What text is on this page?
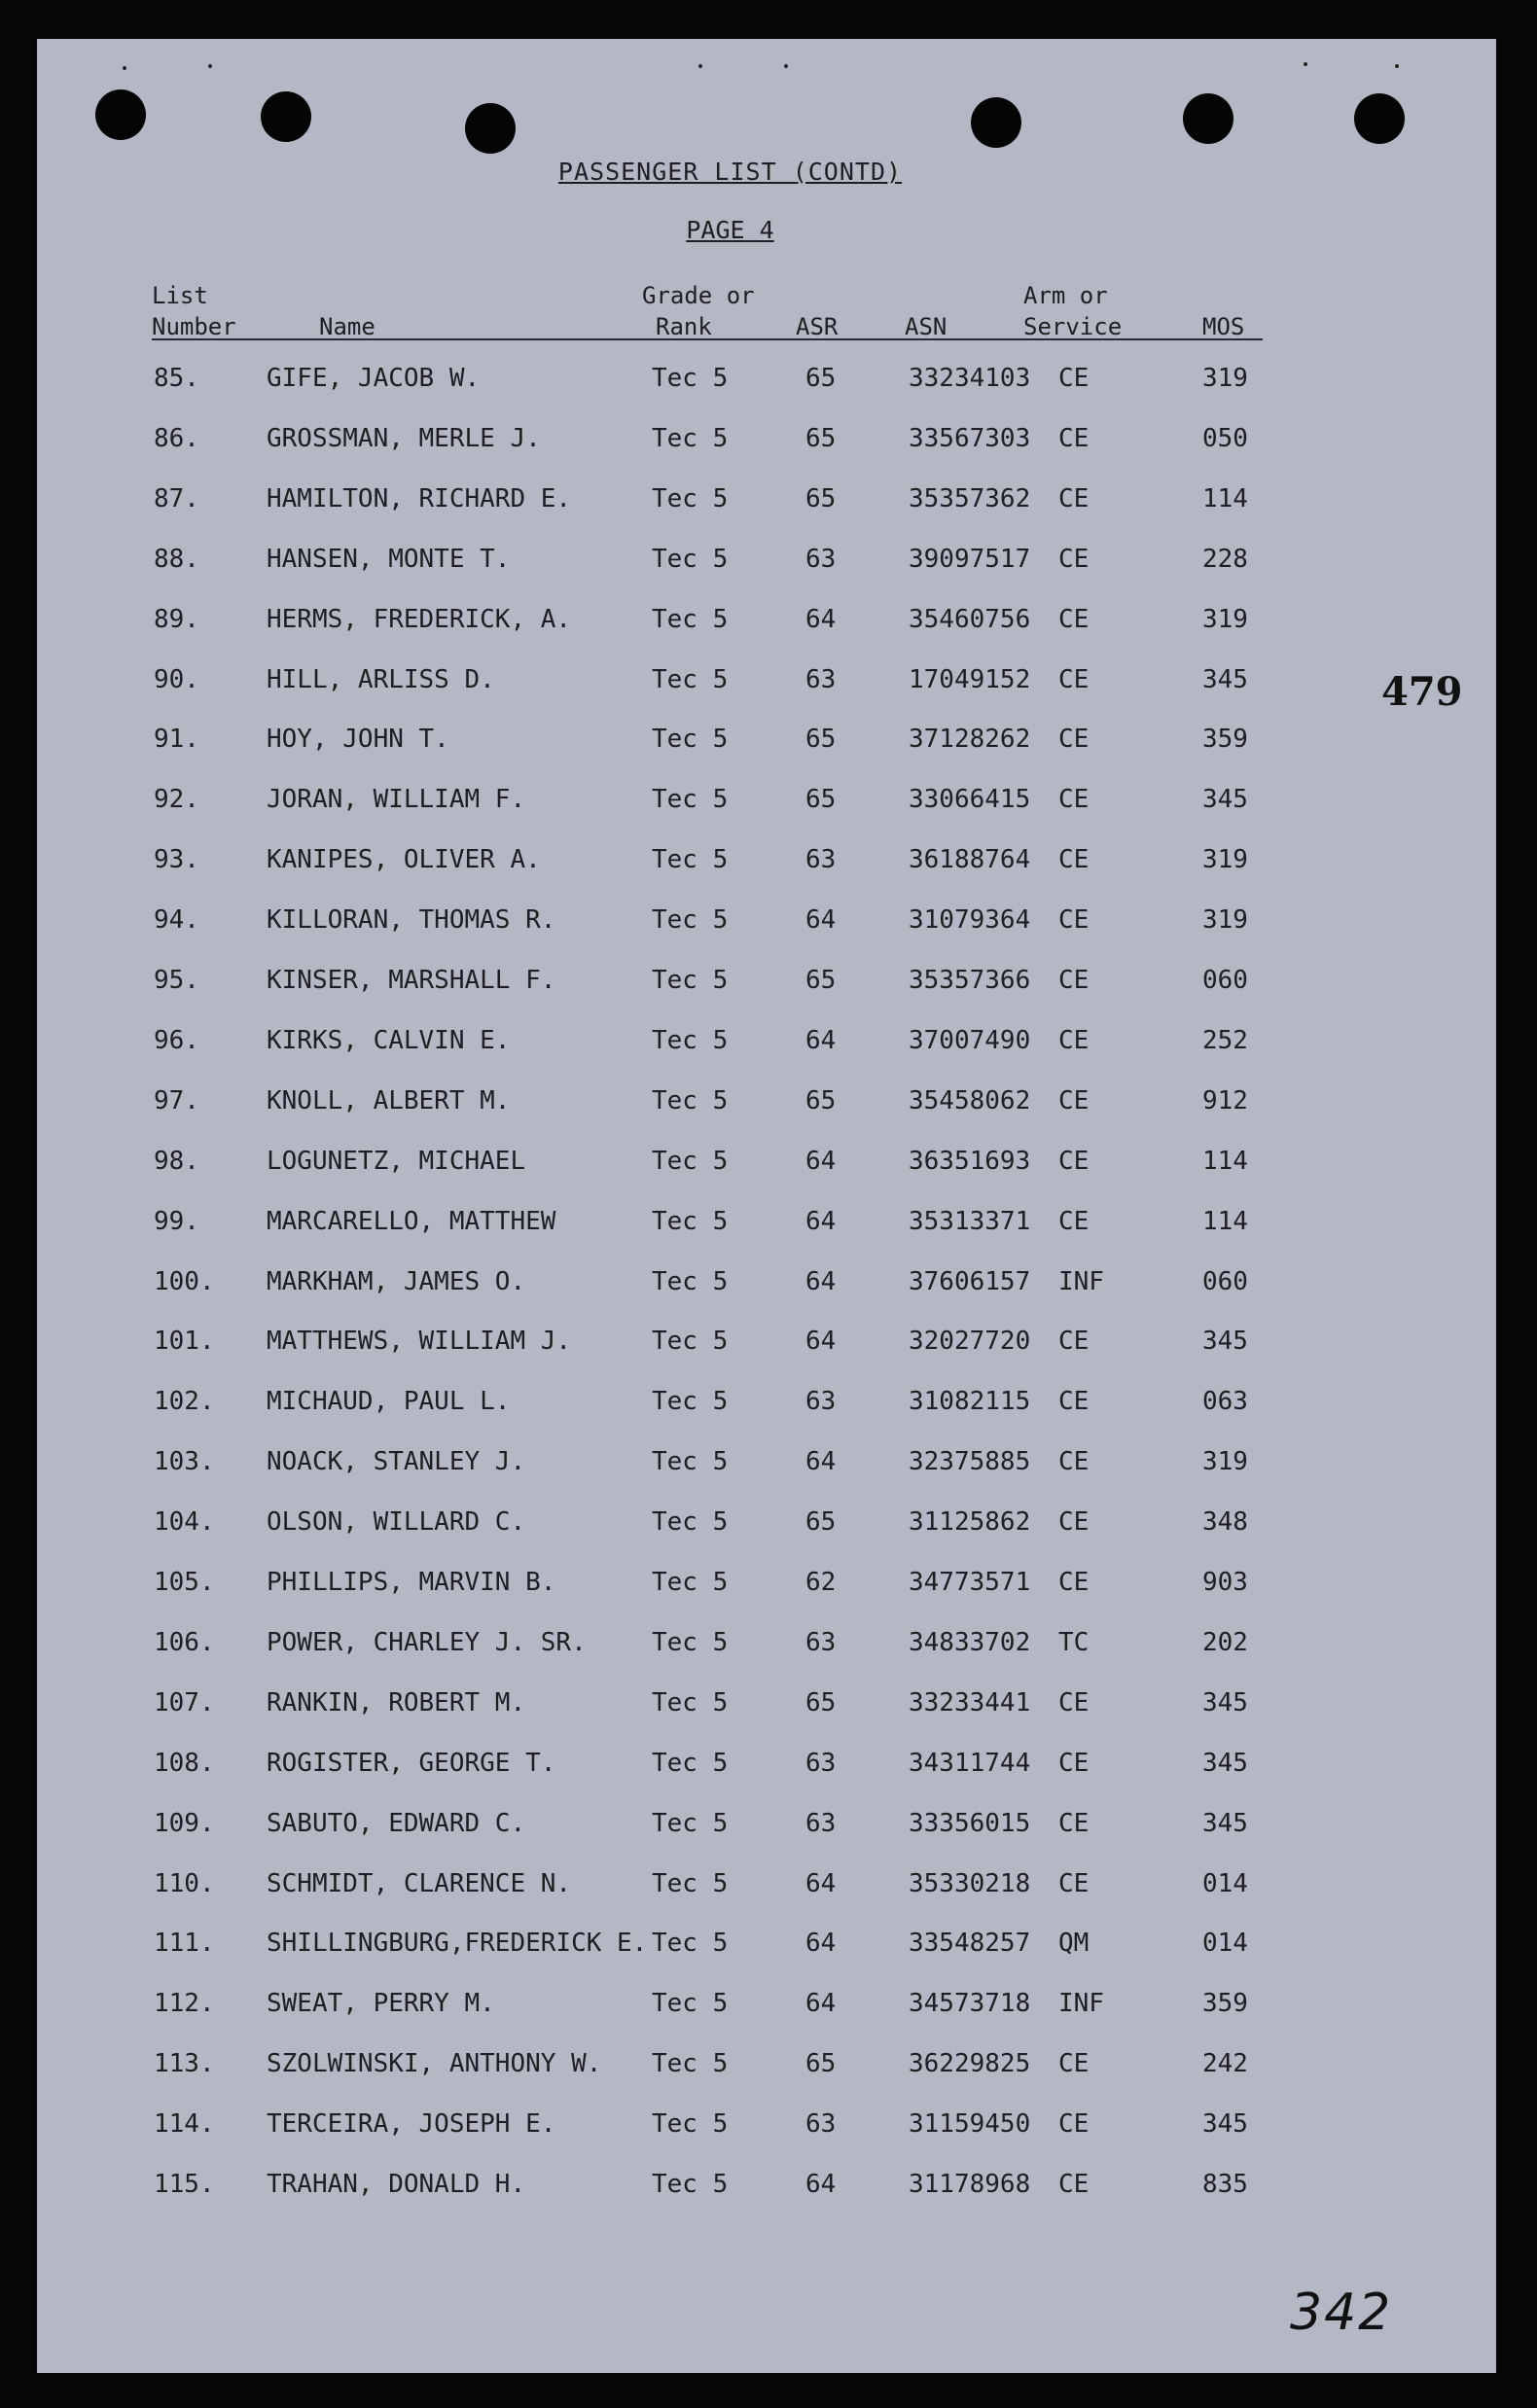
PASSENGER LIST (CONTD)
PAGE 4
List
Number	Name
Grade or
Rank	ASR	ASN
Arm or
Service	MOS
85.	GIFE, JACOB W.	Tec 5	65	33234103 CE	319
86.	GROSSMAN, MERLE J.	Tec 5	65	33567303 CE	050
87.	HAMILTON, RICHARD E.	Tec 5	65	35357362 CE	114
88.	HANSEN, MONTE T.	Tec 5	63	39097517 CE	228
89.	HERMS, FREDERICK, A.	Tec 5	64	35460756 CE	319
90.	HILL, ARLISS D.	Tec 5	63	17049152 CE	345
91.	HOY, JOHN T.	Tec 5	65	37128262 CE	359
92.	JORAN, WILLIAM F.	Tec 5	65	33066415 CE	345
93.	KANIPES, OLIVER A.	Tec 5	63	36188764 CE	319
94.	KILLORAN, THOMAS R.	Tec 5	64	31079364 CE	319
95.	KINSER, MARSHALL F.	Tec 5	65	35357366 CE	060
96.	KIRKS, CALVIN E.	Tec 5	64	37007490 CE	252
97.	KNOLL, ALBERT M.	Tec 5	65	35458062 CE	912
98.	LOGUNETZ, MICHAEL	Tec 5	64	36351693 CE	114
99.	MARCARELLO, MATTHEW	Tec 5	64	35313371 CE	114
100. MARKHAM, JAMES O.	Tec 5	64	37606157 INF	060
101. MATTHEWS, WILLIAM J.	Tec 5	64	32027720 CE	345
102. MICHAUD, PAUL L.	Tec 5	63	31082115 CE	063
103. NOACK, STANLEY J.	Tec 5	64	32375885 CE	319
104. OLSON, WILLARD C.	Tec 5	65	31125862 CE	348
105. PHILLIPS, MARVIN B.	Tec 5	62	34773571 CE	903
106. POWER, CHARLEY J. SR.	Tec 5	63	34833702 TC	202
107. RANKIN, ROBERT M.	Tec 5	65	33233441 CE	345
108. ROGISTER, GEORGE T.	Tec 5	63	34311744 CE	345
109. SABUTO, EDWARD C.	Tec 5	63	33356015 CE	345
110. SCHMIDT, CLARENCE N.	Tec 5	64	35330218 CE	014
111. SHILLINGBURG,FREDERICK E. Tec 5	64	33548257 QM	014
112. SWEAT, PERRY M.	Tec 5	64	34573718 INF	359
113. SZOLWINSKI, ANTHONY W. Tec 5	65	36229825 CE	242
114. TERCEIRA, JOSEPH E.	Tec 5	63	31159450 CE	345
115. TRAHAN, DONALD H.	Tec 5	64	31178968 CE	835
479
342
